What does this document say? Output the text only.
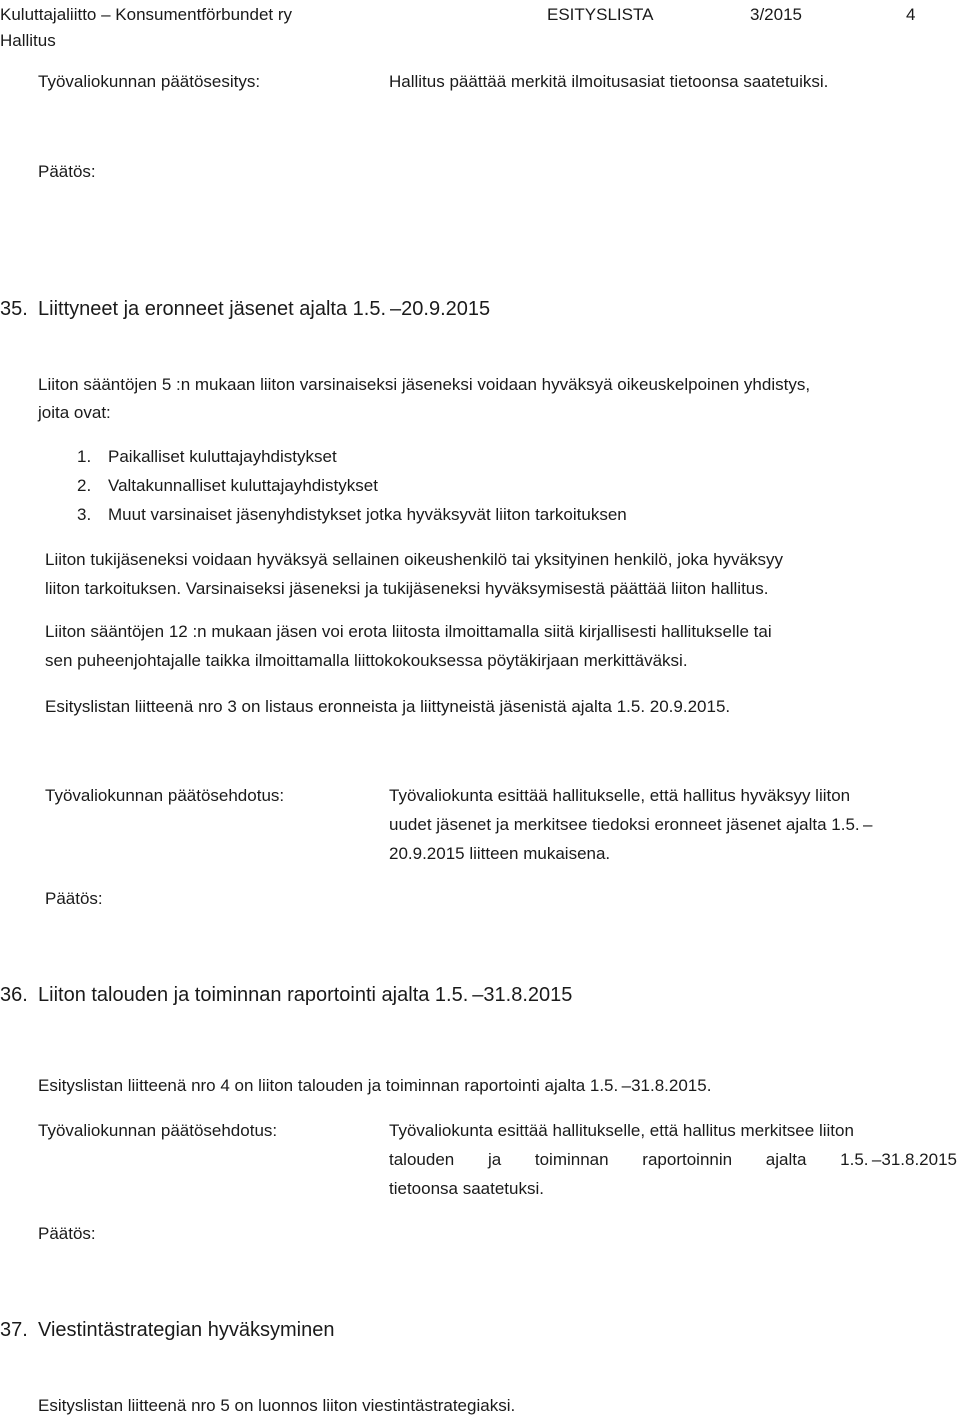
Kuluttajaliitto – Konsumentförbundet ry	ESITYSLISTA	3/2015	4
Hallitus
Työvaliokunnan päätösesitys:	Hallitus päättää merkitä ilmoitusasiat tietoonsa saatetuiksi.
Päätös:
35. Liittyneet ja eronneet jäsenet ajalta 1.5. –20.9.2015
Liiton sääntöjen 5 :n mukaan liiton varsinaiseksi jäseneksi voidaan hyväksyä oikeuskelpoinen yhdistys,
joita ovat:
1. Paikalliset kuluttajayhdistykset
2. Valtakunnalliset kuluttajayhdistykset
3. Muut varsinaiset jäsenyhdistykset jotka hyväksyvät liiton tarkoituksen
Liiton tukijäseneksi voidaan hyväksyä sellainen oikeushenkilö tai yksityinen henkilö, joka hyväksyy
liiton tarkoituksen. Varsinaiseksi jäseneksi ja tukijäseneksi hyväksymisestä päättää liiton hallitus.
Liiton sääntöjen 12 :n mukaan jäsen voi erota liitosta ilmoittamalla siitä kirjallisesti hallitukselle tai
sen puheenjohtajalle taikka ilmoittamalla liittokokouksessa pöytäkirjaan merkittäväksi.
Esityslistan liitteenä nro 3 on listaus eronneista ja liittyneistä jäsenistä ajalta 1.5. 20.9.2015.
Työvaliokunnan päätösehdotus:	Työvaliokunta esittää hallitukselle, että hallitus hyväksyy liiton
uudet jäsenet ja merkitsee tiedoksi eronneet jäsenet ajalta 1.5. –
20.9.2015 liitteen mukaisena.
Päätös:
36. Liiton talouden ja toiminnan raportointi ajalta 1.5. –31.8.2015
Esityslistan liitteenä nro 4 on liiton talouden ja toiminnan raportointi ajalta 1.5. –31.8.2015.
Työvaliokunnan päätösehdotus:	Työvaliokunta esittää hallitukselle, että hallitus merkitsee liiton
talouden ja toiminnan raportoinnin ajalta 1.5. –31.8.2015
tietoonsa saatetuksi.
Päätös:
37. Viestintästrategian hyväksyminen
Esityslistan liitteenä nro 5 on luonnos liiton viestintästrategiaksi.
